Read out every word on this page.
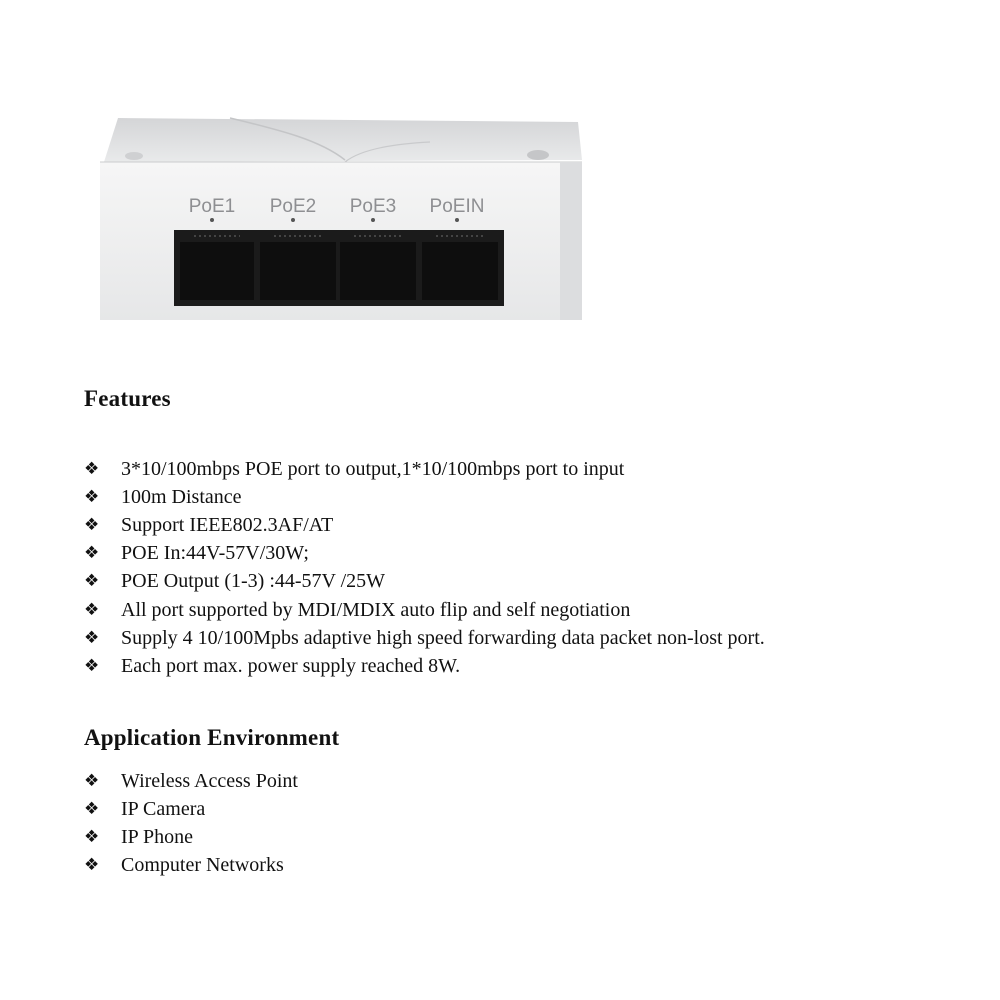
PoE1 PoE2 PoE3 PoEIN
Features
❖	3*10/100mbps POE port to output,1*10/100mbps port to input
❖	100m Distance
❖	Support IEEE802.3AF/AT
❖	POE In:44V-57V/30W;
❖	POE Output (1-3) :44-57V /25W
❖	All port supported by MDI/MDIX auto flip and self negotiation
❖	Supply 4 10/100Mpbs adaptive high speed forwarding data packet non-lost port.
❖	Each port max. power supply reached 8W.
Application Environment
❖	Wireless Access Point
❖	IP Camera
❖	IP Phone
❖	Computer Networks
